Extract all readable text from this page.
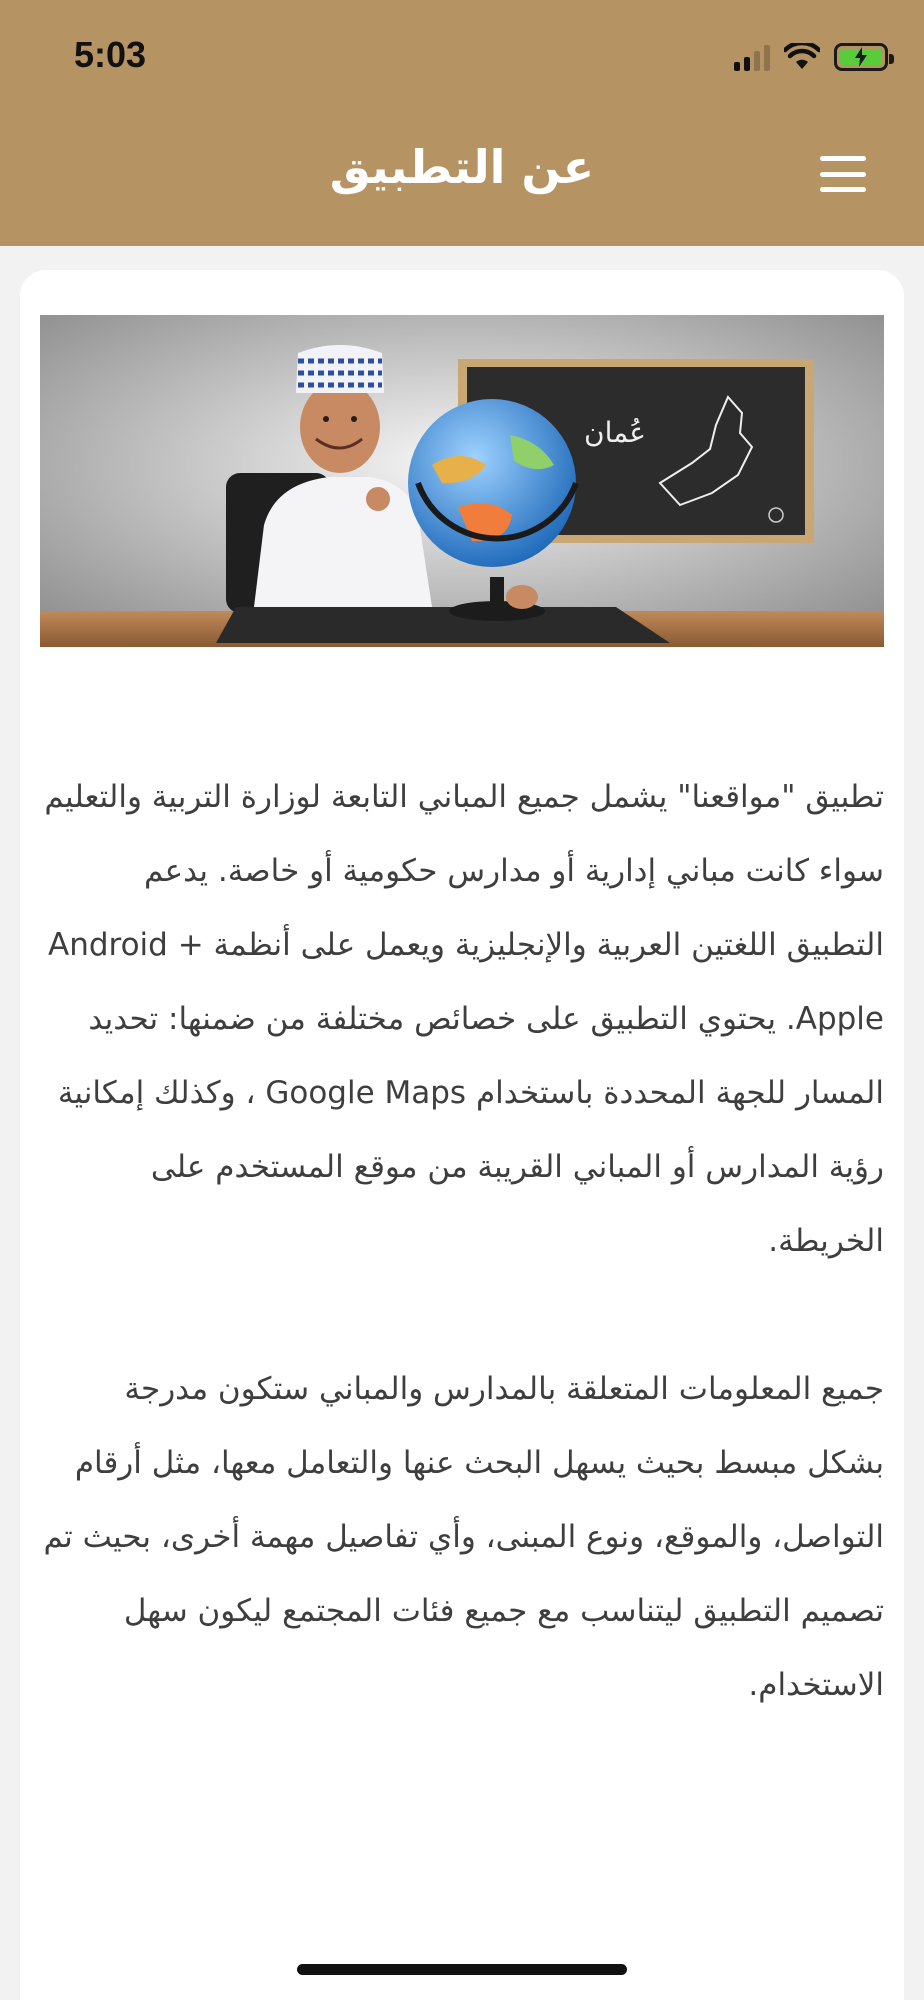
5:03
عن التطبيق
عُمان

تطبيق "مواقعنا" يشمل جميع المباني التابعة لوزارة التربية والتعليم سواء كانت مباني إدارية أو مدارس حكومية أو خاصة. يدعم التطبيق اللغتين العربية والإنجليزية ويعمل على أنظمة Android + Apple. يحتوي التطبيق على خصائص مختلفة من ضمنها: تحديد المسار للجهة المحددة باستخدام Google Maps ، وكذلك إمكانية رؤية المدارس أو المباني القريبة من موقع المستخدم على الخريطة.

جميع المعلومات المتعلقة بالمدارس والمباني ستكون مدرجة بشكل مبسط بحيث يسهل البحث عنها والتعامل معها، مثل أرقام التواصل، والموقع، ونوع المبنى، وأي تفاصيل مهمة أخرى، بحيث تم تصميم التطبيق ليتناسب مع جميع فئات المجتمع ليكون سهل الاستخدام.
